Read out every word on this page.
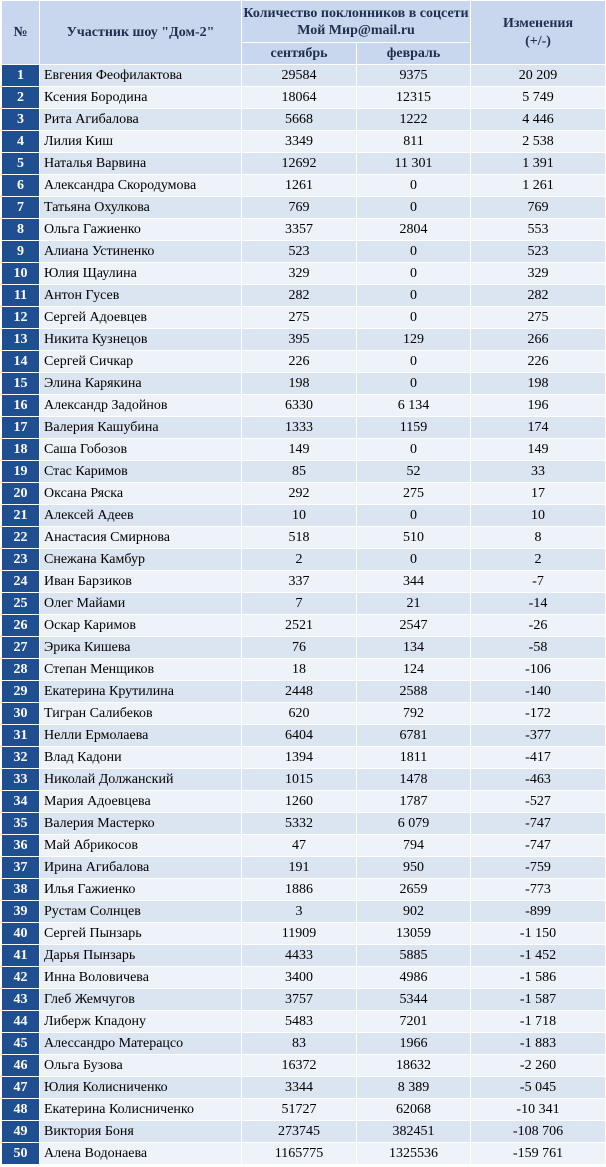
№	Участник шоу "Дом-2"	Количество поклонников в соцсети Мой Мир@mail.ru		Изменения
(+/-)

		сентябрь	февраль	
1	Евгения Феофилактова	29584	9375	20 209
2	Ксения Бородина	18064	12315	5 749
3	Рита Агибалова	5668	1222	4 446
4	Лилия Киш	3349	811	2 538
5	Наталья Варвина	12692	11 301	1 391
6	Александра Скородумова	1261	0	1 261
7	Татьяна Охулкова	769	0	769
8	Ольга Гажиенко	3357	2804	553
9	Алиана Устиненко	523	0	523
10	Юлия Щаулина	329	0	329
11	Антон Гусев	282	0	282
12	Сергей Адоевцев	275	0	275
13	Никита Кузнецов	395	129	266
14	Сергей Сичкар	226	0	226
15	Элина Карякина	198	0	198
16	Александр Задойнов	6330	6 134	196
17	Валерия Кашубина	1333	1159	174
18	Саша Гобозов	149	0	149
19	Стас Каримов	85	52	33
20	Оксана Ряска	292	275	17
21	Алексей Адеев	10	0	10
22	Анастасия Смирнова	518	510	8
23	Снежана Камбур	2	0	2
24	Иван Барзиков	337	344	-7
25	Олег Майами	7	21	-14
26	Оскар Каримов	2521	2547	-26
27	Эрика Кишева	76	134	-58
28	Степан Менщиков	18	124	-106
29	Екатерина Крутилина	2448	2588	-140
30	Тигран Салибеков	620	792	-172
31	Нелли Ермолаева	6404	6781	-377
32	Влад Кадони	1394	1811	-417
33	Николай Должанский	1015	1478	-463
34	Мария Адоевцева	1260	1787	-527
35	Валерия Мастерко	5332	6 079	-747
36	Май Абрикосов	47	794	-747
37	Ирина Агибалова	191	950	-759
38	Илья Гажиенко	1886	2659	-773
39	Рустам Солнцев	3	902	-899
40	Сергей Пынзарь	11909	13059	-1 150
41	Дарья Пынзарь	4433	5885	-1 452
42	Инна Воловичева	3400	4986	-1 586
43	Глеб Жемчугов	3757	5344	-1 587
44	Либерж Кпадону	5483	7201	-1 718
45	Алессандро Матерацсо	83	1966	-1 883
46	Ольга Бузова	16372	18632	-2 260
47	Юлия Колисниченко	3344	8 389	-5 045
48	Екатерина Колисниченко	51727	62068	-10 341
49	Виктория Боня	273745	382451	-108 706
50	Алена Водонаева	1165775	1325536	-159 761
